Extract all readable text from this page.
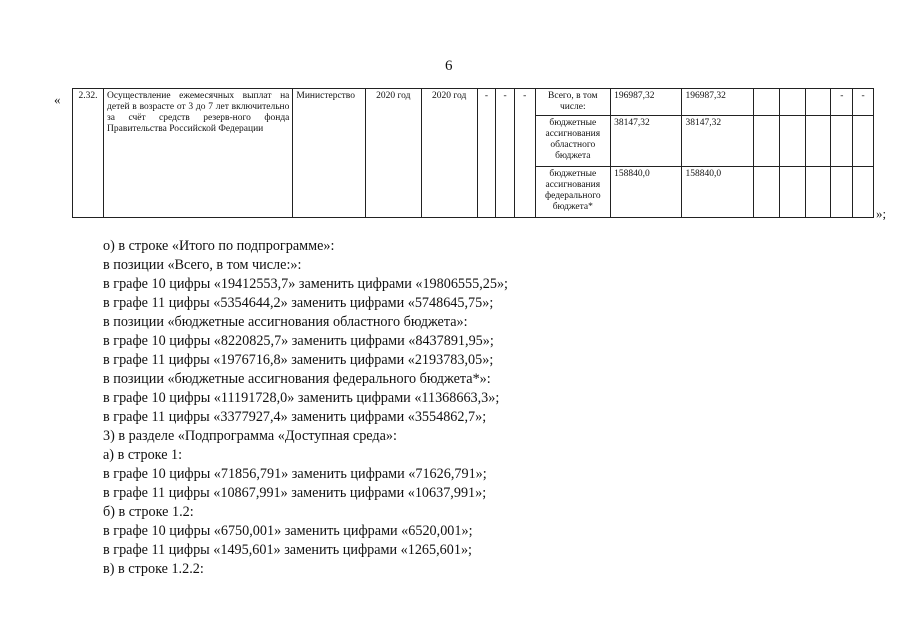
6
«
»;
2.32.	Осуществление ежемесячных выплат на детей в возрасте от 3 до 7 лет включительно за счёт средств резерв-ного фонда Правительства Российской Федерации	Министерство	2020 год	2020 год	-	-	-	Всего, в том числе:	196987,32	196987,32				-	-
								бюджетные ассигнования областного бюджета	38147,32	38147,32					
								бюджетные ассигнования федерального бюджета*	158840,0	158840,0					
о) в строке «Итого по подпрограмме»:
в позиции «Всего, в том числе:»:
в графе 10 цифры «19412553,7» заменить цифрами «19806555,25»;
в графе 11 цифры «5354644,2» заменить цифрами «5748645,75»;
в позиции «бюджетные ассигнования областного бюджета»:
в графе 10 цифры «8220825,7» заменить цифрами «8437891,95»;
в графе 11 цифры «1976716,8» заменить цифрами «2193783,05»;
в позиции «бюджетные ассигнования федерального бюджета*»:
в графе 10 цифры «11191728,0» заменить цифрами «11368663,3»;
в графе 11 цифры «3377927,4» заменить цифрами «3554862,7»;
3) в разделе «Подпрограмма «Доступная среда»:
а) в строке 1:
в графе 10 цифры «71856,791» заменить цифрами «71626,791»;
в графе 11 цифры «10867,991» заменить цифрами «10637,991»;
б) в строке 1.2:
в графе 10 цифры «6750,001» заменить цифрами «6520,001»;
в графе 11 цифры «1495,601» заменить цифрами «1265,601»;
в) в строке 1.2.2:
